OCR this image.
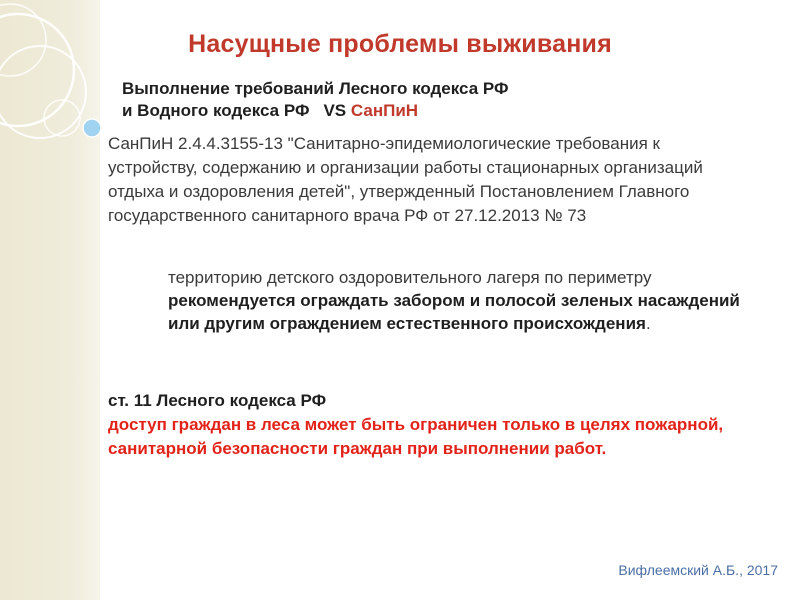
Насущные проблемы выживания
Выполнение требований Лесного кодекса РФ
и Водного кодекса РФ VS СанПиН
СанПиН 2.4.4.3155-13 "Санитарно-эпидемиологические требования к устройству, содержанию и организации работы стационарных организаций отдыха и оздоровления детей", утвержденный Постановлением Главного государственного санитарного врача РФ от 27.12.2013 № 73
территорию детского оздоровительного лагеря по периметру рекомендуется ограждать забором и полосой зеленых насаждений или другим ограждением естественного происхождения.
ст. 11 Лесного кодекса РФ
доступ граждан в леса может быть ограничен только в целях пожарной, санитарной безопасности граждан при выполнении работ.
Вифлеемский А.Б., 2017
